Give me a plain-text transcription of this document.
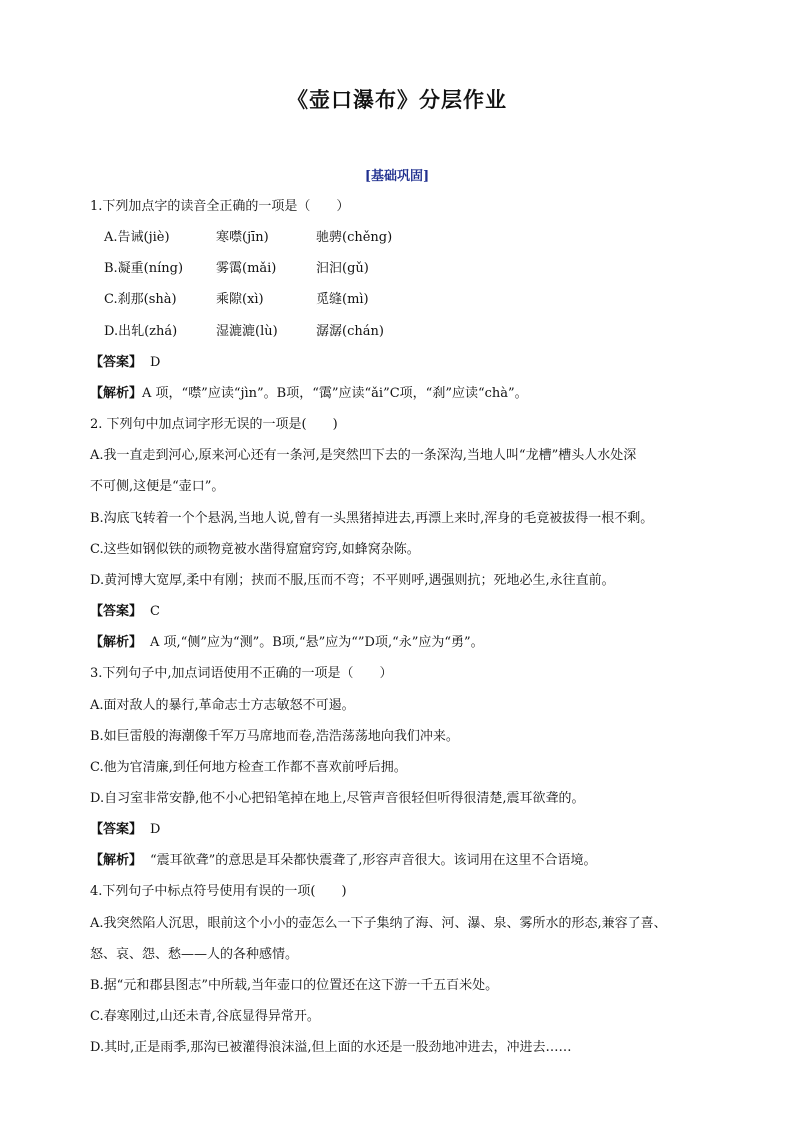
《壶口瀑布》分层作业
[基础巩固]
1.下列加点字的读音全正确的一项是（　　）
A.告诫(jiè)	寒噤(jīn)	驰骋(chěng)
B.凝重(níng)	雾霭(mǎi)	汩汩(gǔ)
C.刹那(shà)	乘隙(xì)	觅缝(mì)
D.出轧(zhá)	湿漉漉(lù)	潺潺(chán)
【答案】 D
【解析】A 项，“噤”应读“jìn”。B项，“霭”应读“ǎi”C项，“刹”应读“chà”。
2. 下列句中加点词字形无误的一项是(　　)
A.我一直走到河心,原来河心还有一条河,是突然凹下去的一条深沟,当地人叫“龙槽”槽头人水处深
不可侧,这便是“壶口”。
B.沟底飞转着一个个悬涡,当地人说,曾有一头黑猪掉进去,再漂上来时,浑身的毛竟被拔得一根不剩。
C.这些如钢似铁的顽物竟被水凿得窟窟窍窍,如蜂窝杂陈。
D.黄河博大宽厚,柔中有刚；挟而不服,压而不弯；不平则呼,遇强则抗；死地必生,永往直前。
【答案】 C
【解析】 A 项,“侧”应为“测”。B项,“悬”应为“”D项,“永”应为“勇”。
3.下列句子中,加点词语使用不正确的一项是（　　）
A.面对敌人的暴行,革命志士方志敏怒不可遏。
B.如巨雷般的海潮像千军万马席地而卷,浩浩荡荡地向我们冲来。
C.他为官清廉,到任何地方检查工作都不喜欢前呼后拥。
D.自习室非常安静,他不小心把铅笔掉在地上,尽管声音很轻但听得很清楚,震耳欲聋的。
【答案】 D
【解析】 “震耳欲聋”的意思是耳朵都快震聋了,形容声音很大。该词用在这里不合语境。
4.下列句子中标点符号使用有误的一项(　　)
A.我突然陷人沉思，眼前这个小小的壶怎么一下子集纳了海、河、瀑、泉、雾所水的形态,兼容了喜、
怒、哀、怨、愁——人的各种感情。
B.据“元和郡县图志”中所载,当年壶口的位置还在这下游一千五百米处。
C.春寒刚过,山还未青,谷底显得异常开。
D.其时,正是雨季,那沟已被灌得浪沫溢,但上面的水还是一股劲地冲进去，冲进去……
